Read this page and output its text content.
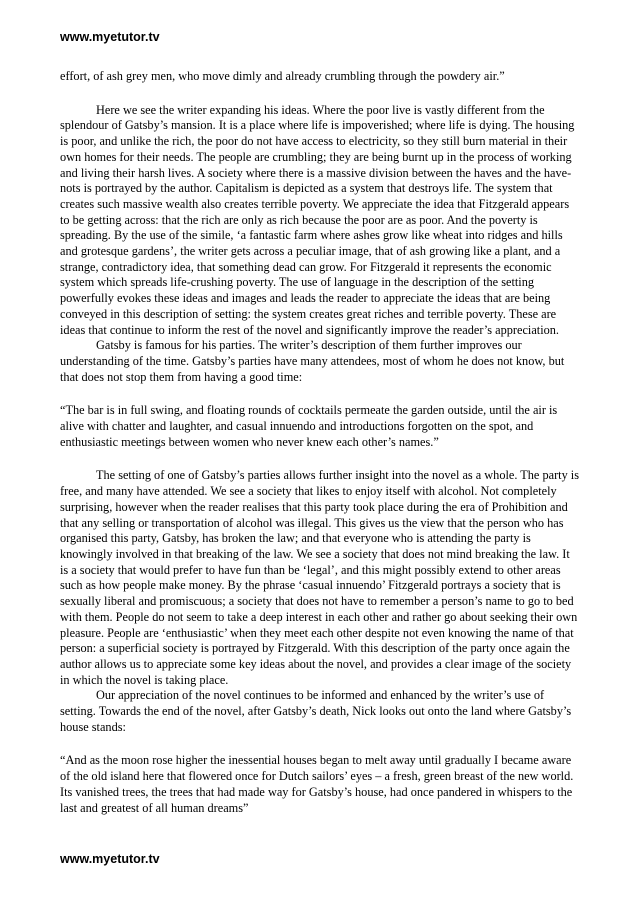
www.myetutor.tv

effort, of ash grey men, who move dimly and already crumbling through the powdery air.”

Here we see the writer expanding his ideas. Where the poor live is vastly different from the splendour of Gatsby’s mansion. It is a place where life is impoverished; where life is dying. The housing is poor, and unlike the rich, the poor do not have access to electricity, so they still burn material in their own homes for their needs. The people are crumbling; they are being burnt up in the process of working and living their harsh lives. A society where there is a massive division between the haves and the have-nots is portrayed by the author. Capitalism is depicted as a system that destroys life. The system that creates such massive wealth also creates terrible poverty. We appreciate the idea that Fitzgerald appears to be getting across: that the rich are only as rich because the poor are as poor. And the poverty is spreading. By the use of the simile, ‘a fantastic farm where ashes grow like wheat into ridges and hills and grotesque gardens’, the writer gets across a peculiar image, that of ash growing like a plant, and a strange, contradictory idea, that something dead can grow. For Fitzgerald it represents the economic system which spreads life-crushing poverty. The use of language in the description of the setting powerfully evokes these ideas and images and leads the reader to appreciate the ideas that are being conveyed in this description of setting: the system creates great riches and terrible poverty. These are ideas that continue to inform the rest of the novel and significantly improve the reader’s appreciation.

Gatsby is famous for his parties. The writer’s description of them further improves our understanding of the time. Gatsby’s parties have many attendees, most of whom he does not know, but that does not stop them from having a good time:

“The bar is in full swing, and floating rounds of cocktails permeate the garden outside, until the air is alive with chatter and laughter, and casual innuendo and introductions forgotten on the spot, and enthusiastic meetings between women who never knew each other’s names.”

The setting of one of Gatsby’s parties allows further insight into the novel as a whole. The party is free, and many have attended. We see a society that likes to enjoy itself with alcohol. Not completely surprising, however when the reader realises that this party took place during the era of Prohibition and that any selling or transportation of alcohol was illegal. This gives us the view that the person who has organised this party, Gatsby, has broken the law; and that everyone who is attending the party is knowingly involved in that breaking of the law. We see a society that does not mind breaking the law. It is a society that would prefer to have fun than be ‘legal’, and this might possibly extend to other areas such as how people make money. By the phrase ‘casual innuendo’ Fitzgerald portrays a society that is sexually liberal and promiscuous; a society that does not have to remember a person’s name to go to bed with them. People do not seem to take a deep interest in each other and rather go about seeking their own pleasure. People are ‘enthusiastic’ when they meet each other despite not even knowing the name of that person: a superficial society is portrayed by Fitzgerald. With this description of the party once again the author allows us to appreciate some key ideas about the novel, and provides a clear image of the society in which the novel is taking place.

Our appreciation of the novel continues to be informed and enhanced by the writer’s use of setting. Towards the end of the novel, after Gatsby’s death, Nick looks out onto the land where Gatsby’s house stands:

“And as the moon rose higher the inessential houses began to melt away until gradually I became aware of the old island here that flowered once for Dutch sailors’ eyes – a fresh, green breast of the new world. Its vanished trees, the trees that had made way for Gatsby’s house, had once pandered in whispers to the last and greatest of all human dreams”

www.myetutor.tv
